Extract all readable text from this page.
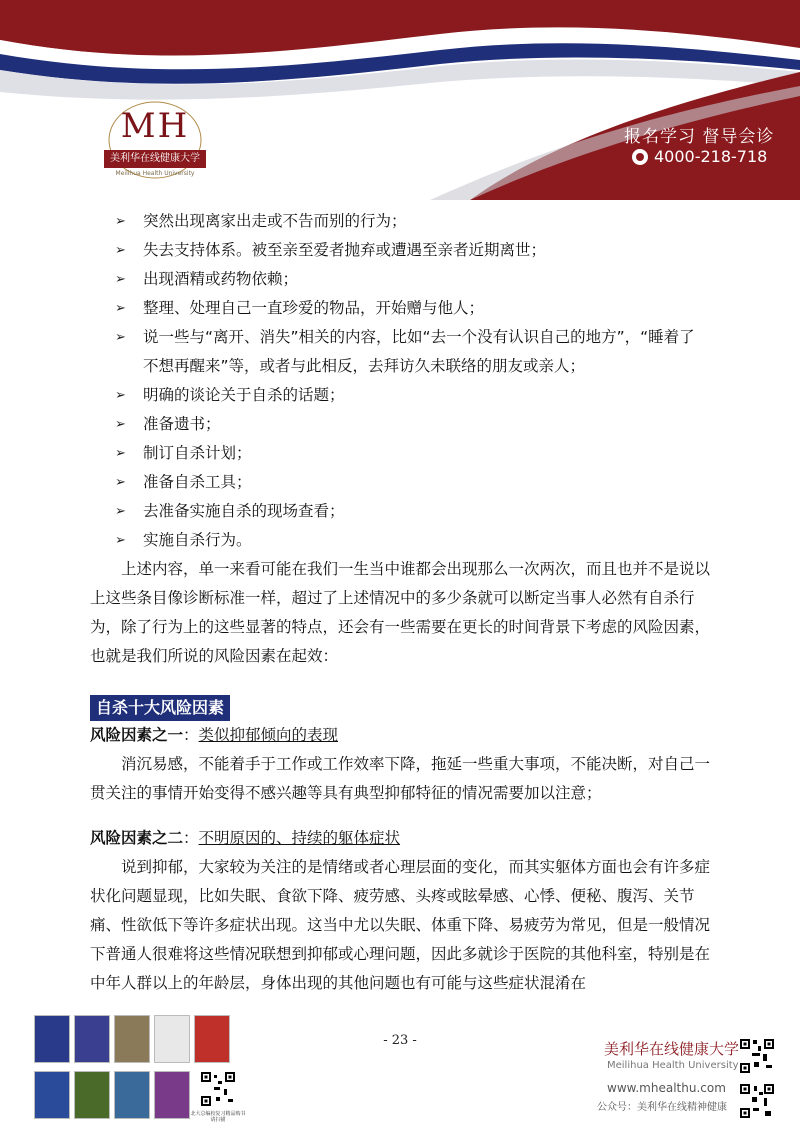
MH
美利华在线健康大学
Meilihua Health University
报名学习 督导会诊
4000-218-718
➢ 突然出现离家出走或不告而别的行为；
➢ 失去支持体系。被至亲至爱者抛弃或遭遇至亲者近期离世；
➢ 出现酒精或药物依赖；
➢ 整理、处理自己一直珍爱的物品，开始赠与他人；
➢ 说一些与“离开、消失”相关的内容，比如“去一个没有认识自己的地方”，“睡着了不想再醒来”等，或者与此相反，去拜访久未联络的朋友或亲人；
➢ 明确的谈论关于自杀的话题；
➢ 准备遗书；
➢ 制订自杀计划；
➢ 准备自杀工具；
➢ 去准备实施自杀的现场查看；
➢ 实施自杀行为。

上述内容，单一来看可能在我们一生当中谁都会出现那么一次两次，而且也并不是说以上这些条目像诊断标准一样，超过了上述情况中的多少条就可以断定当事人必然有自杀行为，除了行为上的这些显著的特点，还会有一些需要在更长的时间背景下考虑的风险因素，也就是我们所说的风险因素在起效：

自杀十大风险因素

风险因素之一：类似抑郁倾向的表现

消沉易感，不能着手于工作或工作效率下降，拖延一些重大事项，不能决断，对自己一贯关注的事情开始变得不感兴趣等具有典型抑郁特征的情况需要加以注意；

风险因素之二：不明原因的、持续的躯体症状

说到抑郁，大家较为关注的是情绪或者心理层面的变化，而其实躯体方面也会有许多症状化问题显现，比如失眠、食欲下降、疲劳感、头疼或眩晕感、心悸、便秘、腹泻、关节痛、性欲低下等许多症状出现。这当中尤以失眠、体重下降、易疲劳为常见，但是一般情况下普通人很难将这些情况联想到抑郁或心理问题，因此多就诊于医院的其他科室，特别是在中年人群以上的年龄层，身体出现的其他问题也有可能与这些症状混淆在

北大总编校复习精品购书请扫描
- 23 -	美利华在线健康大学
Meilihua Health University
www.mhealthu.com
公众号：美利华在线精神健康
